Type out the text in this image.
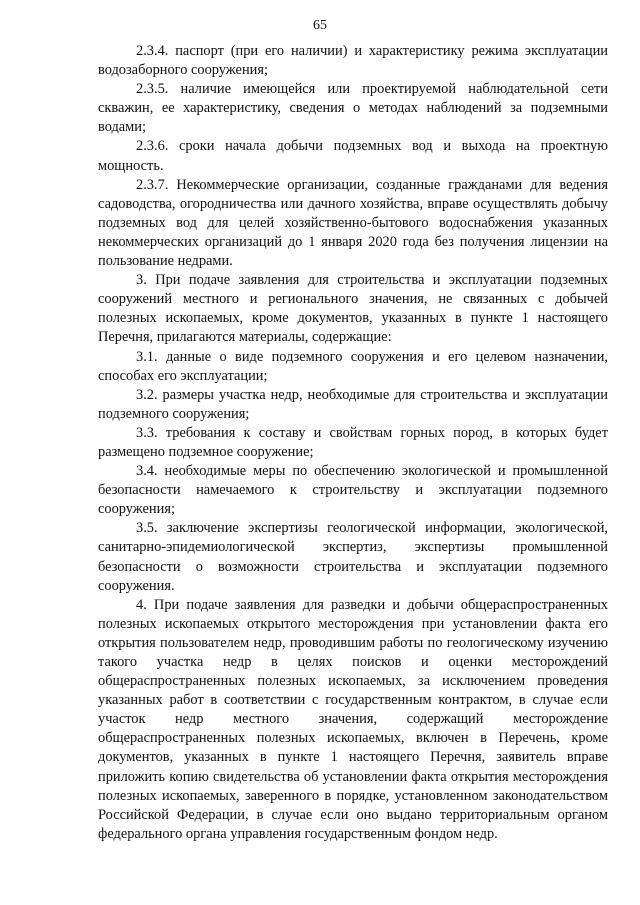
65

2.3.4. паспорт (при его наличии) и характеристику режима эксплуатации водозаборного сооружения;

2.3.5. наличие имеющейся или проектируемой наблюдательной сети скважин, ее характеристику, сведения о методах наблюдений за подземными водами;

2.3.6. сроки начала добычи подземных вод и выхода на проектную мощность.

2.3.7. Некоммерческие организации, созданные гражданами для ведения садоводства, огородничества или дачного хозяйства, вправе осуществлять добычу подземных вод для целей хозяйственно-бытового водоснабжения указанных некоммерческих организаций до 1 января 2020 года без получения лицензии на пользование недрами.

3. При подаче заявления для строительства и эксплуатации подземных сооружений местного и регионального значения, не связанных с добычей полезных ископаемых, кроме документов, указанных в пункте 1 настоящего Перечня, прилагаются материалы, содержащие:

3.1. данные о виде подземного сооружения и его целевом назначении, способах его эксплуатации;

3.2. размеры участка недр, необходимые для строительства и эксплуатации подземного сооружения;

3.3. требования к составу и свойствам горных пород, в которых будет размещено подземное сооружение;

3.4. необходимые меры по обеспечению экологической и промышленной безопасности намечаемого к строительству и эксплуатации подземного сооружения;

3.5. заключение экспертизы геологической информации, экологической, санитарно-эпидемиологической экспертиз, экспертизы промышленной безопасности о возможности строительства и эксплуатации подземного сооружения.

4. При подаче заявления для разведки и добычи общераспространенных полезных ископаемых открытого месторождения при установлении факта его открытия пользователем недр, проводившим работы по геологическому изучению такого участка недр в целях поисков и оценки месторождений общераспространенных полезных ископаемых, за исключением проведения указанных работ в соответствии с государственным контрактом, в случае если участок недр местного значения, содержащий месторождение общераспространенных полезных ископаемых, включен в Перечень, кроме документов, указанных в пункте 1 настоящего Перечня, заявитель вправе приложить копию свидетельства об установлении факта открытия месторождения полезных ископаемых, заверенного в порядке, установленном законодательством Российской Федерации, в случае если оно выдано территориальным органом федерального органа управления государственным фондом недр.
